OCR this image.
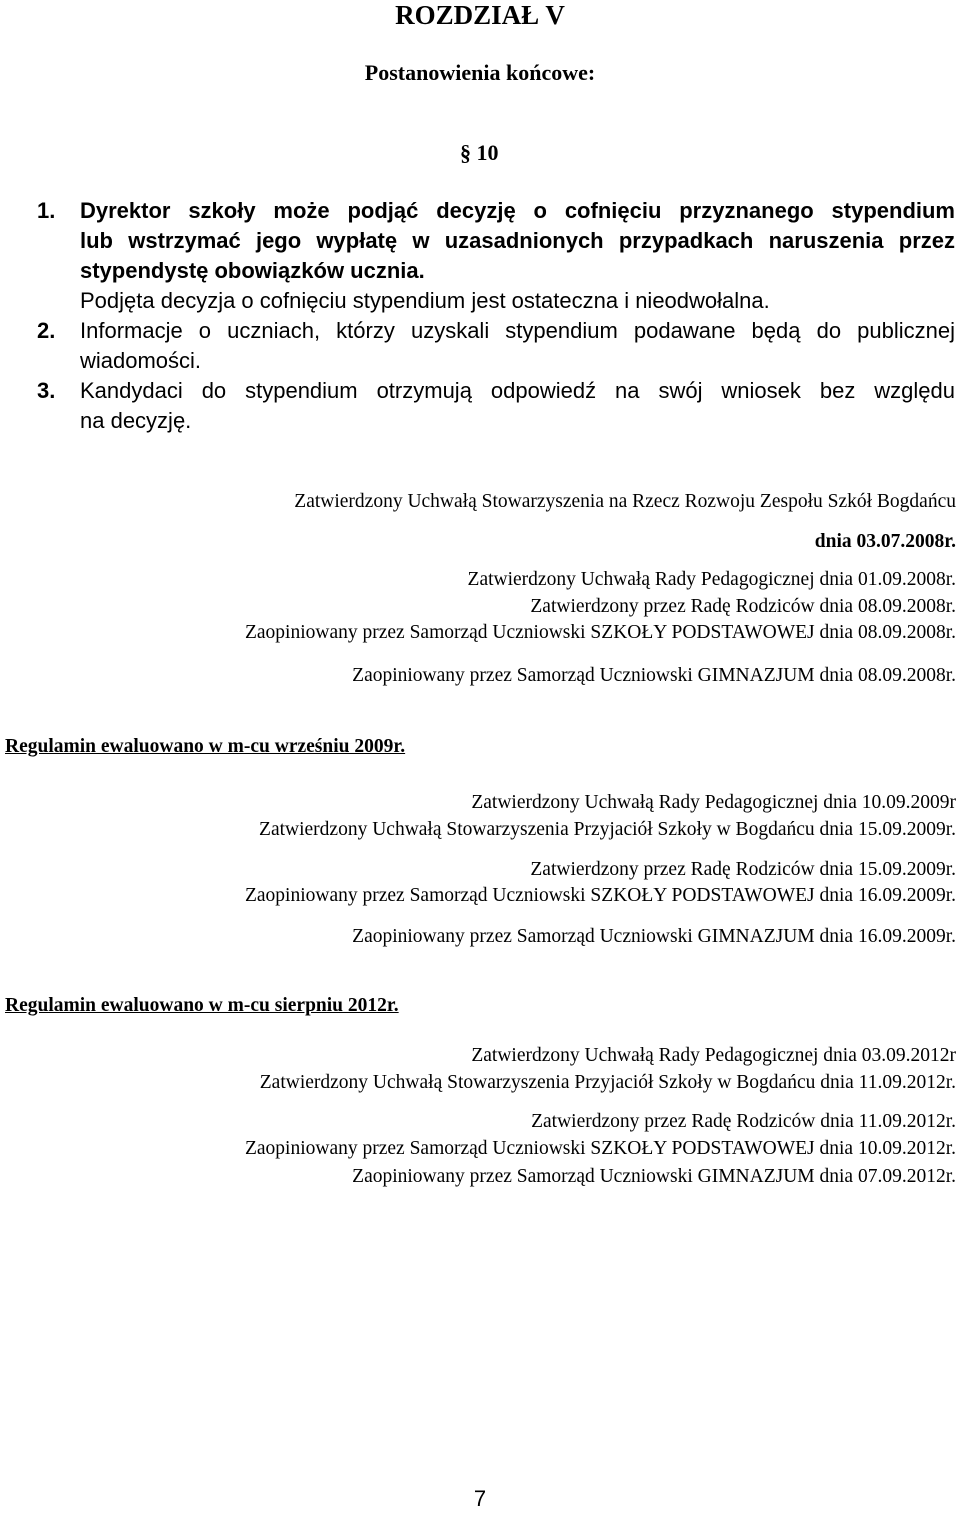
ROZDZIAŁ V
Postanowienia końcowe:
§ 10
1. Dyrektor szkoły może podjąć decyzję o cofnięciu przyznanego stypendium
lub wstrzymać jego wypłatę w uzasadnionych przypadkach naruszenia przez
stypendystę obowiązków ucznia.
Podjęta decyzja o cofnięciu stypendium jest ostateczna i nieodwołalna.
2. Informacje o uczniach, którzy uzyskali stypendium podawane będą do publicznej
wiadomości.
3. Kandydaci do stypendium otrzymują odpowiedź na swój wniosek bez względu
na decyzję.
Zatwierdzony Uchwałą Stowarzyszenia na Rzecz Rozwoju Zespołu Szkół Bogdańcu
dnia 03.07.2008r.
Zatwierdzony Uchwałą Rady Pedagogicznej dnia 01.09.2008r.
Zatwierdzony przez Radę Rodziców dnia 08.09.2008r.
Zaopiniowany przez Samorząd Uczniowski SZKOŁY PODSTAWOWEJ dnia 08.09.2008r.
Zaopiniowany przez Samorząd Uczniowski GIMNAZJUM dnia 08.09.2008r.
Regulamin ewaluowano w m-cu wrześniu 2009r.
Zatwierdzony Uchwałą Rady Pedagogicznej dnia 10.09.2009r
Zatwierdzony Uchwałą Stowarzyszenia Przyjaciół Szkoły w Bogdańcu dnia 15.09.2009r.
Zatwierdzony przez Radę Rodziców dnia 15.09.2009r.
Zaopiniowany przez Samorząd Uczniowski SZKOŁY PODSTAWOWEJ dnia 16.09.2009r.
Zaopiniowany przez Samorząd Uczniowski GIMNAZJUM dnia 16.09.2009r.
Regulamin ewaluowano w m-cu sierpniu 2012r.
Zatwierdzony Uchwałą Rady Pedagogicznej dnia 03.09.2012r
Zatwierdzony Uchwałą Stowarzyszenia Przyjaciół Szkoły w Bogdańcu dnia 11.09.2012r.
Zatwierdzony przez Radę Rodziców dnia 11.09.2012r.
Zaopiniowany przez Samorząd Uczniowski SZKOŁY PODSTAWOWEJ dnia 10.09.2012r.
Zaopiniowany przez Samorząd Uczniowski GIMNAZJUM dnia 07.09.2012r.
7
